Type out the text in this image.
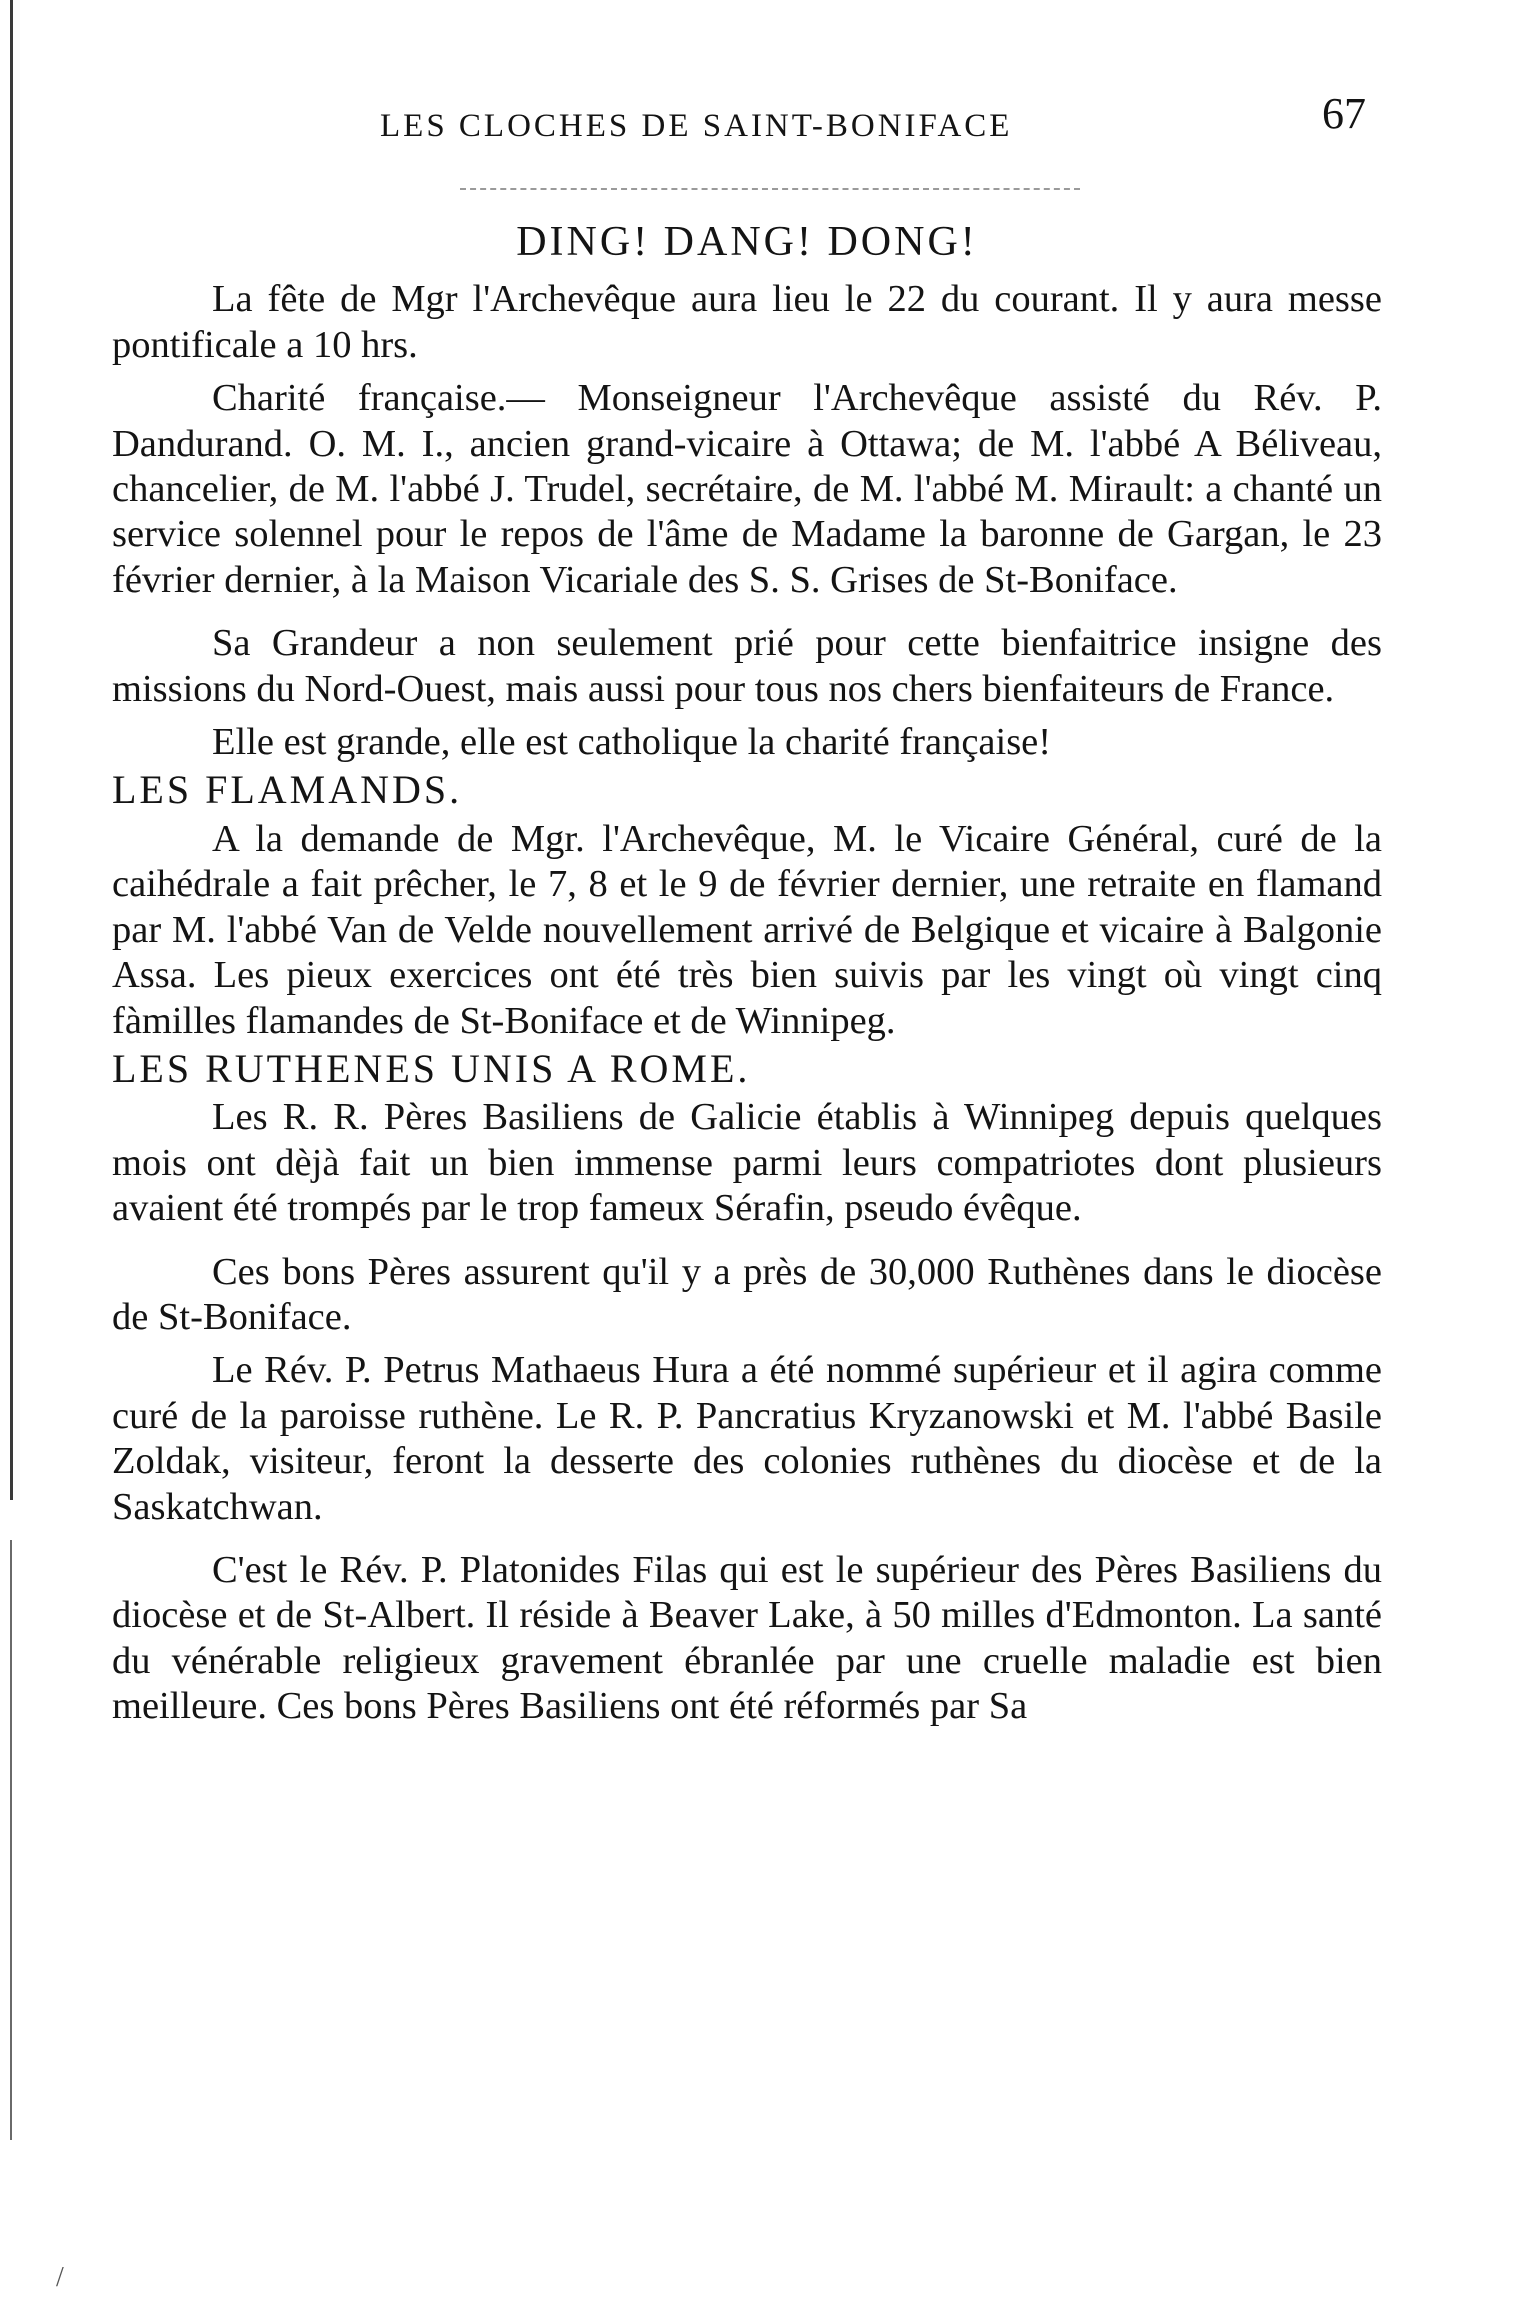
LES CLOCHES DE SAINT-BONIFACE	67
DING! DANG! DONG!

La fête de Mgr l'Archevêque aura lieu le 22 du courant. Il y aura messe pontificale a 10 hrs.

Charité française.— Monseigneur l'Archevêque assisté du Rév. P. Dandurand. O. M. I., ancien grand-vicaire à Ottawa; de M. l'abbé A Béliveau, chancelier, de M. l'abbé J. Trudel, secrétaire, de M. l'abbé M. Mirault: a chanté un service solennel pour le repos de l'âme de Madame la baronne de Gargan, le 23 février dernier, à la Maison Vicariale des S. S. Grises de St-Boniface.

Sa Grandeur a non seulement prié pour cette bienfaitrice insigne des missions du Nord-Ouest, mais aussi pour tous nos chers bienfaiteurs de France.

Elle est grande, elle est catholique la charité française!

LES FLAMANDS.

A la demande de Mgr. l'Archevêque, M. le Vicaire Général, curé de la caihédrale a fait prêcher, le 7, 8 et le 9 de février dernier, une retraite en flamand par M. l'abbé Van de Velde nouvellement arrivé de Belgique et vicaire à Balgonie Assa. Les pieux exercices ont été très bien suivis par les vingt où vingt cinq fàmilles flamandes de St-Boniface et de Winnipeg.

LES RUTHENES UNIS A ROME.

Les R. R. Pères Basiliens de Galicie établis à Winnipeg depuis quelques mois ont dèjà fait un bien immense parmi leurs compatriotes dont plusieurs avaient été trompés par le trop fameux Sérafin, pseudo évêque.

Ces bons Pères assurent qu'il y a près de 30,000 Ruthènes dans le diocèse de St-Boniface.

Le Rév. P. Petrus Mathaeus Hura a été nommé supérieur et il agira comme curé de la paroisse ruthène. Le R. P. Pancratius Kryzanowski et M. l'abbé Basile Zoldak, visiteur, feront la desserte des colonies ruthènes du diocèse et de la Saskatchwan.

C'est le Rév. P. Platonides Filas qui est le supérieur des Pères Basiliens du diocèse et de St-Albert. Il réside à Beaver Lake, à 50 milles d'Edmonton. La santé du vénérable religieux gravement ébranlée par une cruelle maladie est bien meilleure. Ces bons Pères Basiliens ont été réformés par Sa

/
